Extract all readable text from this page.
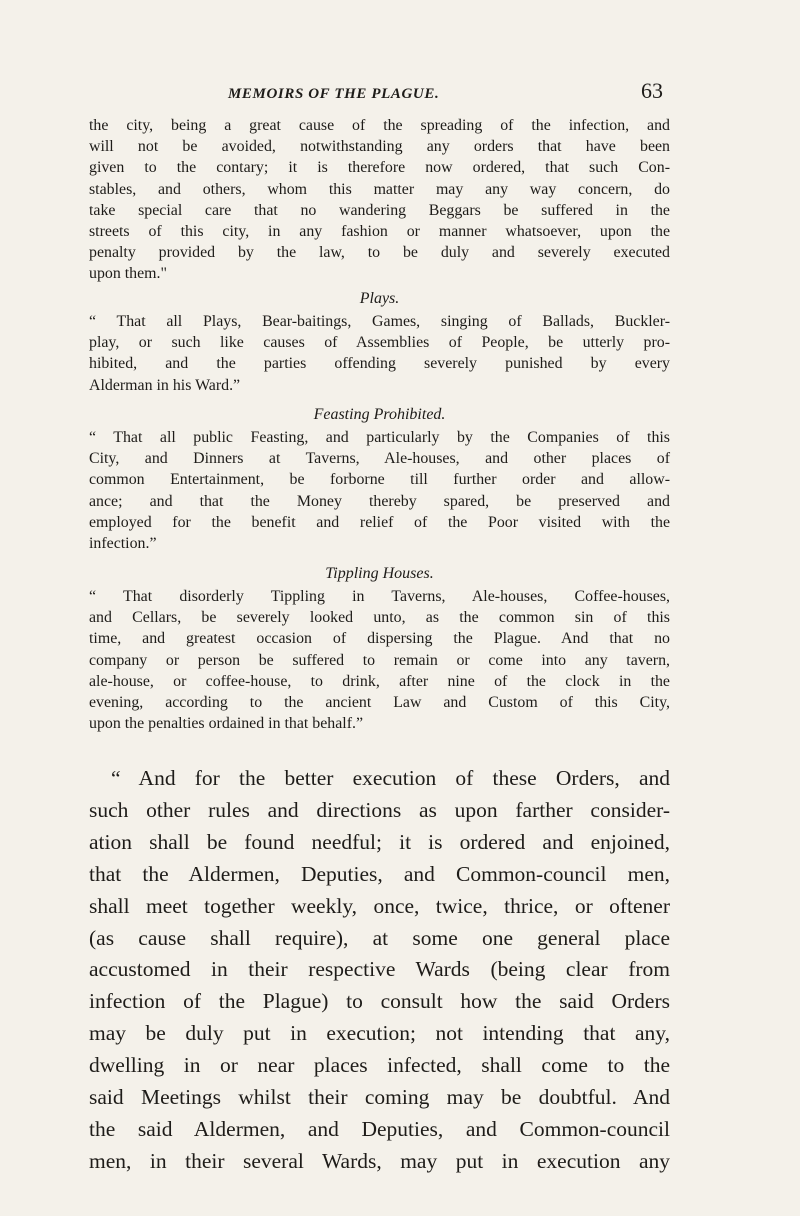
MEMOIRS OF THE PLAGUE.	63

the city, being a great cause of the spreading of the infection, and

will not be avoided, notwithstanding any orders that have been

given to the contary; it is therefore now ordered, that such Con-

stables, and others, whom this matter may any way concern, do

take special care that no wandering Beggars be suffered in the

streets of this city, in any fashion or manner whatsoever, upon the

penalty provided by the law, to be duly and severely executed

upon them."

Plays.

“ That all Plays, Bear-baitings, Games, singing of Ballads, Buckler-

play, or such like causes of Assemblies of People, be utterly pro-

hibited, and the parties offending severely punished by every

Alderman in his Ward.”

Feasting Prohibited.

“ That all public Feasting, and particularly by the Companies of this

City, and Dinners at Taverns, Ale-houses, and other places of

common Entertainment, be forborne till further order and allow-

ance; and that the Money thereby spared, be preserved and

employed for the benefit and relief of the Poor visited with the

infection.”

Tippling Houses.

“ That disorderly Tippling in Taverns, Ale-houses, Coffee-houses,

and Cellars, be severely looked unto, as the common sin of this

time, and greatest occasion of dispersing the Plague. And that no

company or person be suffered to remain or come into any tavern,

ale-house, or coffee-house, to drink, after nine of the clock in the

evening, according to the ancient Law and Custom of this City,

upon the penalties ordained in that behalf.”

“ And for the better execution of these Orders, and

such other rules and directions as upon farther consider-

ation shall be found needful; it is ordered and enjoined,

that the Aldermen, Deputies, and Common-council men,

shall meet together weekly, once, twice, thrice, or oftener

(as cause shall require), at some one general place

accustomed in their respective Wards (being clear from

infection of the Plague) to consult how the said Orders

may be duly put in execution; not intending that any,

dwelling in or near places infected, shall come to the

said Meetings whilst their coming may be doubtful. And

the said Aldermen, and Deputies, and Common-council

men, in their several Wards, may put in execution any
